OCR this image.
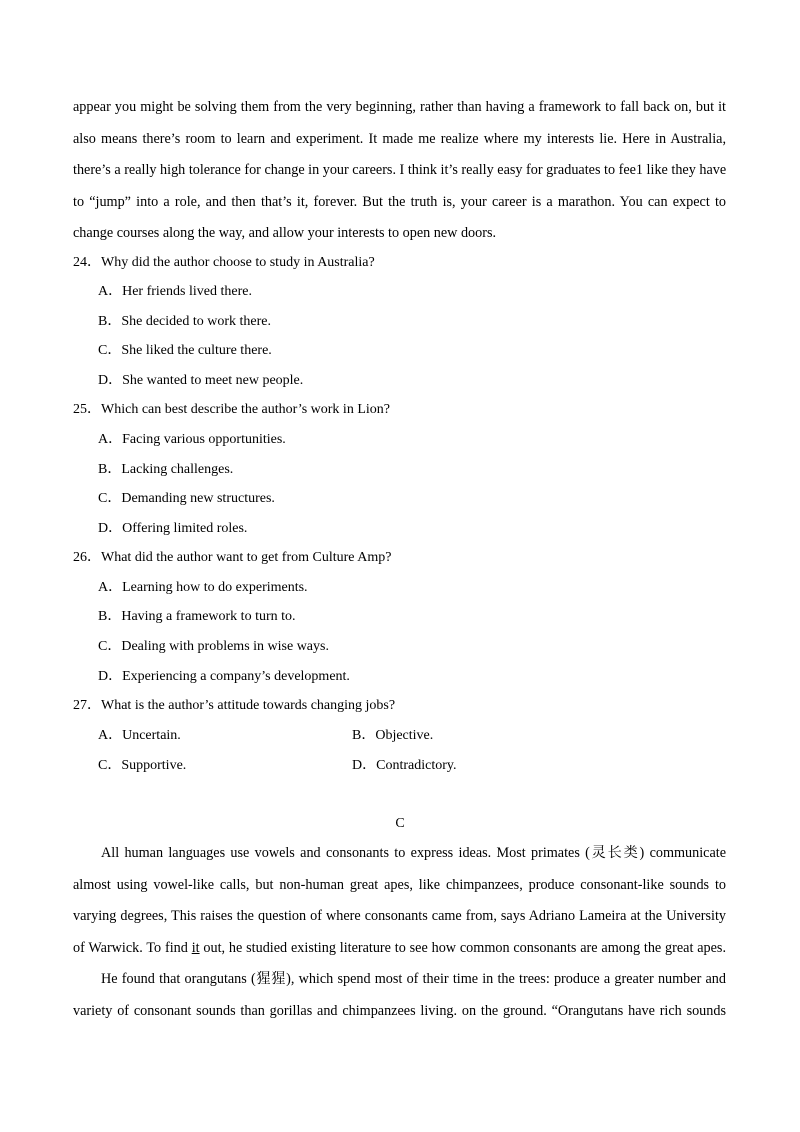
appear you might be solving them from the very beginning, rather than having a framework to fall back on, but it
also means there’s room to learn and experiment. It made me realize where my interests lie. Here in Australia,
there’s a really high tolerance for change in your careers. I think it’s really easy for graduates to fee1 like they have
to “jump” into a role, and then that’s it, forever. But the truth is, your career is a marathon. You can expect to
change courses along the way, and allow your interests to open new doors.

24．Why did the author choose to study in Australia?

A．Her friends lived there.

B．She decided to work there.

C．She liked the culture there.

D．She wanted to meet new people.

25．Which can best describe the author’s work in Lion?

A．Facing various opportunities.

B．Lacking challenges.

C．Demanding new structures.

D．Offering limited roles.

26．What did the author want to get from Culture Amp?

A．Learning how to do experiments.

B．Having a framework to turn to.

C．Dealing with problems in wise ways.

D．Experiencing a company’s development.

27．What is the author’s attitude towards changing jobs?

A．Uncertain.	B．Objective.

C．Supportive.	D．Contradictory.

C
All human languages use vowels and consonants to express ideas. Most primates (灵长类) communicate
almost using vowel-like calls, but non-human great apes, like chimpanzees, produce consonant-like sounds to
varying degrees, This raises the question of where consonants came from, says Adriano Lameira at the University
of Warwick. To find it out, he studied existing literature to see how common consonants are among the great apes.
He found that orangutans (猩猩), which spend most of their time in the trees: produce a greater number and
variety of consonant sounds than gorillas and chimpanzees living. on the ground. “Orangutans have rich sounds
